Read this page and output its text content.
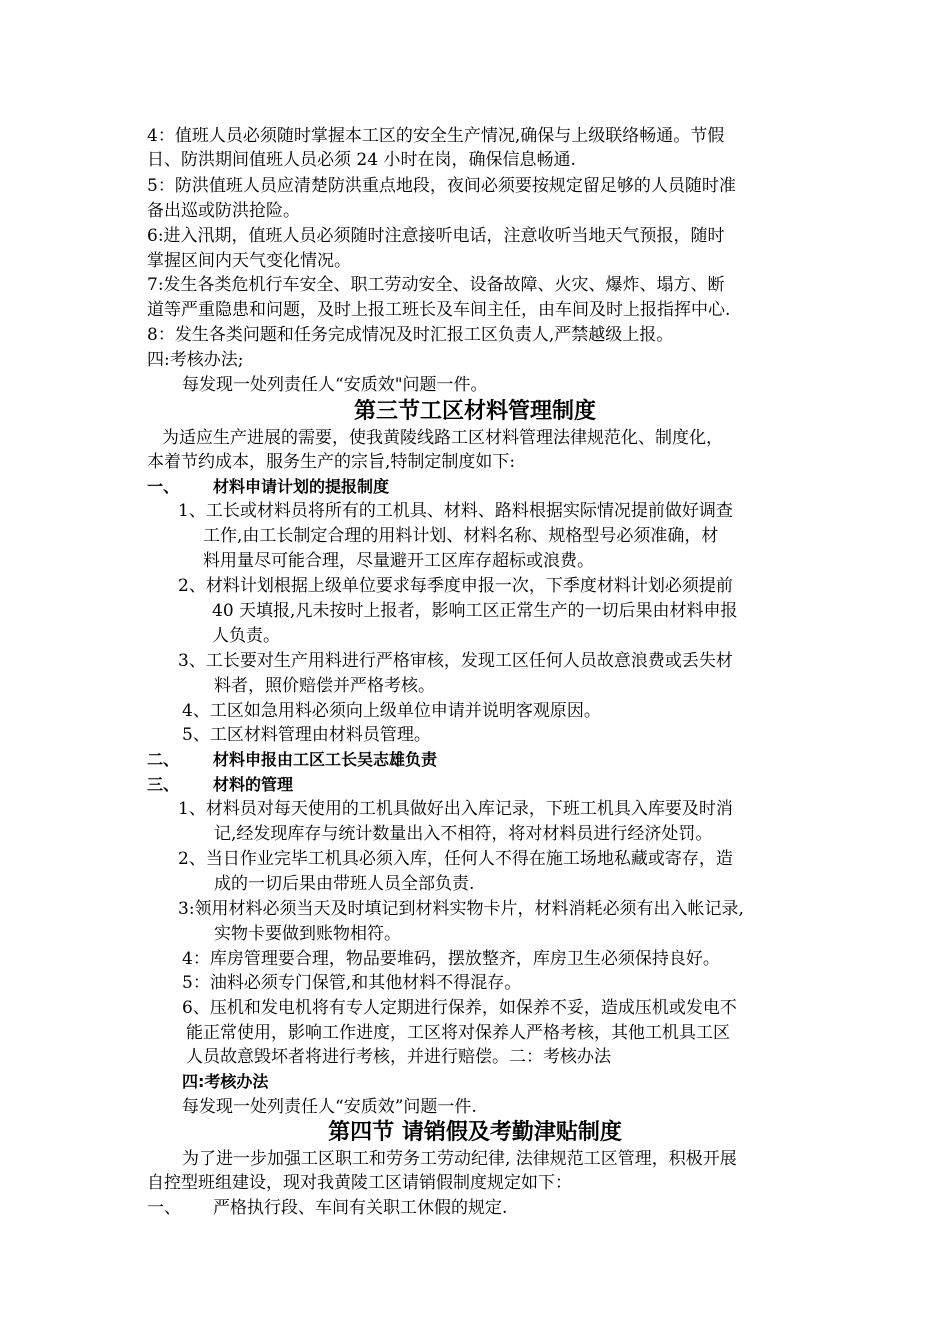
4：值班人员必须随时掌握本工区的安全生产情况,确保与上级联络畅通。节假

日、防洪期间值班人员必须 24 小时在岗，确保信息畅通.

5：防洪值班人员应清楚防洪重点地段，夜间必须要按规定留足够的人员随时准

备出巡或防洪抢险。

6:进入汛期，值班人员必须随时注意接听电话，注意收听当地天气预报，随时

掌握区间内天气变化情况。

7:发生各类危机行车安全、职工劳动安全、设备故障、火灾、爆炸、塌方、断

道等严重隐患和问题，及时上报工班长及车间主任，由车间及时上报指挥中心.

8：发生各类问题和任务完成情况及时汇报工区负责人,严禁越级上报。

四:考核办法;

每发现一处列责任人“安质效"问题一件。

第三节工区材料管理制度

为适应生产进展的需要，使我黄陵线路工区材料管理法律规范化、制度化，

本着节约成本，服务生产的宗旨,特制定制度如下:

一、 材料申请计划的提报制度

1、工长或材料员将所有的工机具、材料、路料根据实际情况提前做好调查

工作,由工长制定合理的用料计划、材料名称、规格型号必须准确，材

料用量尽可能合理，尽量避开工区库存超标或浪费。

2、材料计划根据上级单位要求每季度申报一次，下季度材料计划必须提前

40 天填报,凡未按时上报者，影响工区正常生产的一切后果由材料申报

人负责。

3、工长要对生产用料进行严格审核，发现工区任何人员故意浪费或丢失材

料者，照价赔偿并严格考核。

4、工区如急用料必须向上级单位申请并说明客观原因。

5、工区材料管理由材料员管理。

二、 材料申报由工区工长吴志雄负责

三、 材料的管理

1、材料员对每天使用的工机具做好出入库记录，下班工机具入库要及时消

记,经发现库存与统计数量出入不相符，将对材料员进行经济处罚。

2、当日作业完毕工机具必须入库，任何人不得在施工场地私藏或寄存，造

成的一切后果由带班人员全部负责.

3:领用材料必须当天及时填记到材料实物卡片，材料消耗必须有出入帐记录,

实物卡要做到账物相符。

4：库房管理要合理，物品要堆码，摆放整齐，库房卫生必须保持良好。

5：油料必须专门保管,和其他材料不得混存。

6、压机和发电机将有专人定期进行保养，如保养不妥，造成压机或发电不

能正常使用，影响工作进度，工区将对保养人严格考核，其他工机具工区

人员故意毁坏者将进行考核，并进行赔偿。二：考核办法

四:考核办法

每发现一处列责任人“安质效”问题一件.

第四节 请销假及考勤津贴制度

为了进一步加强工区职工和劳务工劳动纪律, 法律规范工区管理，积极开展

自控型班组建设，现对我黄陵工区请销假制度规定如下：

一、 严格执行段、车间有关职工休假的规定.
